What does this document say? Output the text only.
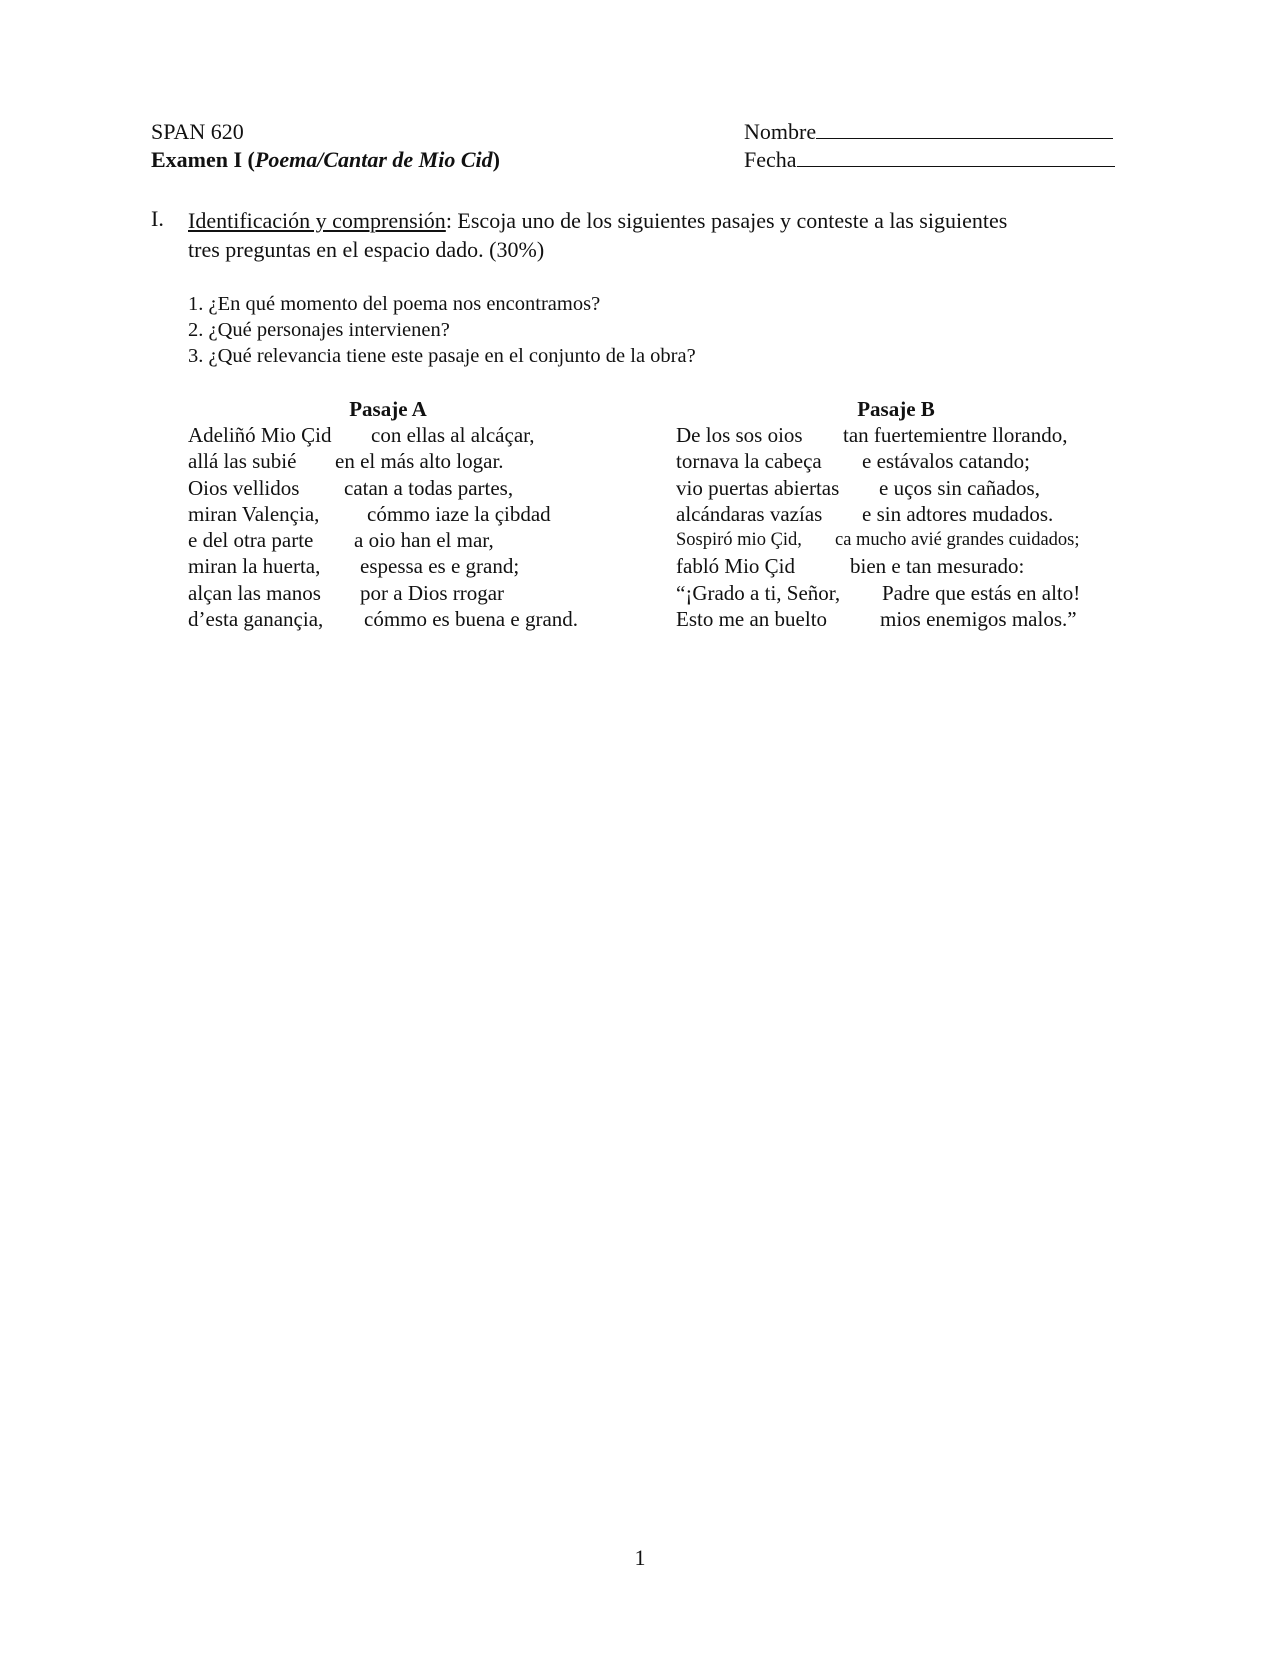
SPAN 620
Examen I (Poema/Cantar de Mio Cid)
Nombre
Fecha
I. Identificación y comprensión: Escoja uno de los siguientes pasajes y conteste a las siguientes
tres preguntas en el espacio dado. (30%)
1. ¿En qué momento del poema nos encontramos?
2. ¿Qué personajes intervienen?
3. ¿Qué relevancia tiene este pasaje en el conjunto de la obra?
Pasaje A
Adeliñó Mio Çid con ellas al alcáçar,
allá las subié en el más alto logar.
Oios vellidos catan a todas partes,
miran Valençia, cómmo iaze la çibdad
e del otra parte a oio han el mar,
miran la huerta, espessa es e grand;
alçan las manos por a Dios rrogar
d’esta ganançia, cómmo es buena e grand.
Pasaje B
De los sos oios tan fuertemientre llorando,
tornava la cabeça e estávalos catando;
vio puertas abiertas e uços sin cañados,
alcándaras vazías e sin adtores mudados.
Sospiró mio Çid, ca mucho avié grandes cuidados;
fabló Mio Çid	bien e tan mesurado:
“¡Grado a ti, Señor, Padre que estás en alto!
Esto me an buelto	mios enemigos malos.”
1
